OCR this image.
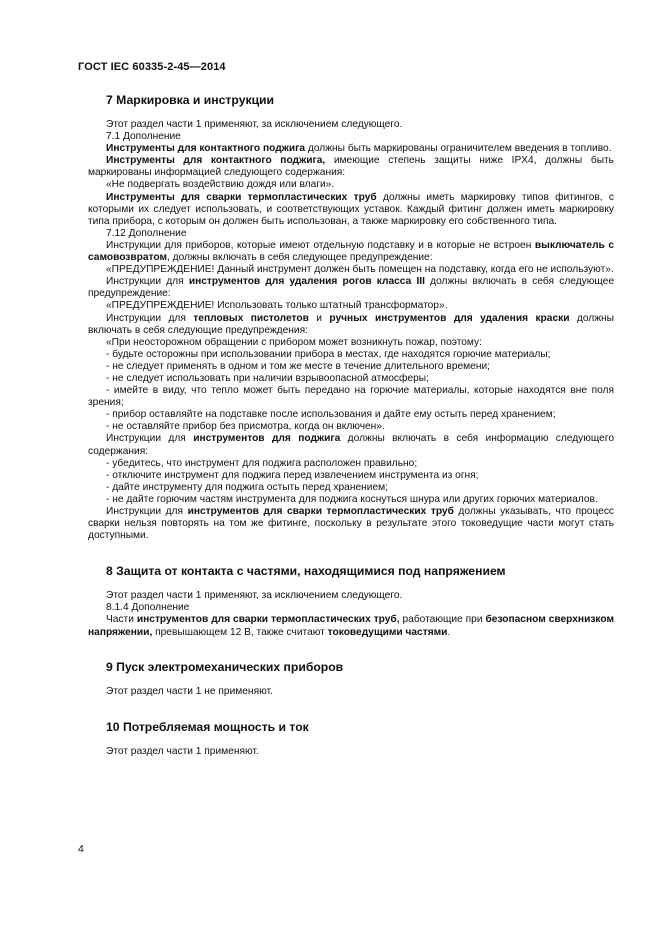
ГОСТ IEC 60335-2-45—2014
7 Маркировка и инструкции

Этот раздел части 1 применяют, за исключением следующего.

7.1 Дополнение

Инструменты для контактного поджига должны быть маркированы ограничителем введения в топливо.

Инструменты для контактного поджига, имеющие степень защиты ниже IPX4, должны быть маркированы информацией следующего содержания:

«Не подвергать воздействию дождя или влаги».

Инструменты для сварки термопластических труб должны иметь маркировку типов фитингов, с которыми их следует использовать, и соответствующих уставок. Каждый фитинг должен иметь маркировку типа прибора, с которым он должен быть использован, а также маркировку его собственного типа.

7.12 Дополнение

Инструкции для приборов, которые имеют отдельную подставку и в которые не встроен выключатель с самовозвратом, должны включать в себя следующее предупреждение:

«ПРЕДУПРЕЖДЕНИЕ! Данный инструмент должен быть помещен на подставку, когда его не используют».

Инструкции для инструментов для удаления рогов класса III должны включать в себя следующее предупреждение:

«ПРЕДУПРЕЖДЕНИЕ! Использовать только штатный трансформатор».

Инструкции для тепловых пистолетов и ручных инструментов для удаления краски должны включать в себя следующие предупреждения:

«При неосторожном обращении с прибором может возникнуть пожар, поэтому:

- будьте осторожны при использовании прибора в местах, где находятся горючие материалы;

- не следует применять в одном и том же месте в течение длительного времени;

- не следует использовать при наличии взрывоопасной атмосферы;

- имейте в виду, что тепло может быть передано на горючие материалы, которые находятся вне поля зрения;

- прибор оставляйте на подставке после использования и дайте ему остыть перед хранением;

- не оставляйте прибор без присмотра, когда он включен».

Инструкции для инструментов для поджига должны включать в себя информацию следующего содержания:

- убедитесь, что инструмент для поджига расположен правильно;

- отключите инструмент для поджига перед извлечением инструмента из огня;

- дайте инструменту для поджига остыть перед хранением;

- не дайте горючим частям инструмента для поджига коснуться шнура или других горючих материалов.

Инструкции для инструментов для сварки термопластических труб должны указывать, что процесс сварки нельзя повторять на том же фитинге, поскольку в результате этого токоведущие части могут стать доступными.

8 Защита от контакта с частями, находящимися под напряжением

Этот раздел части 1 применяют, за исключением следующего.

8.1.4 Дополнение

Части инструментов для сварки термопластических труб, работающие при безопасном сверхнизком напряжении, превышающем 12 В, также считают токоведущими частями.

9 Пуск электромеханических приборов

Этот раздел части 1 не применяют.

10 Потребляемая мощность и ток

Этот раздел части 1 применяют.

4
